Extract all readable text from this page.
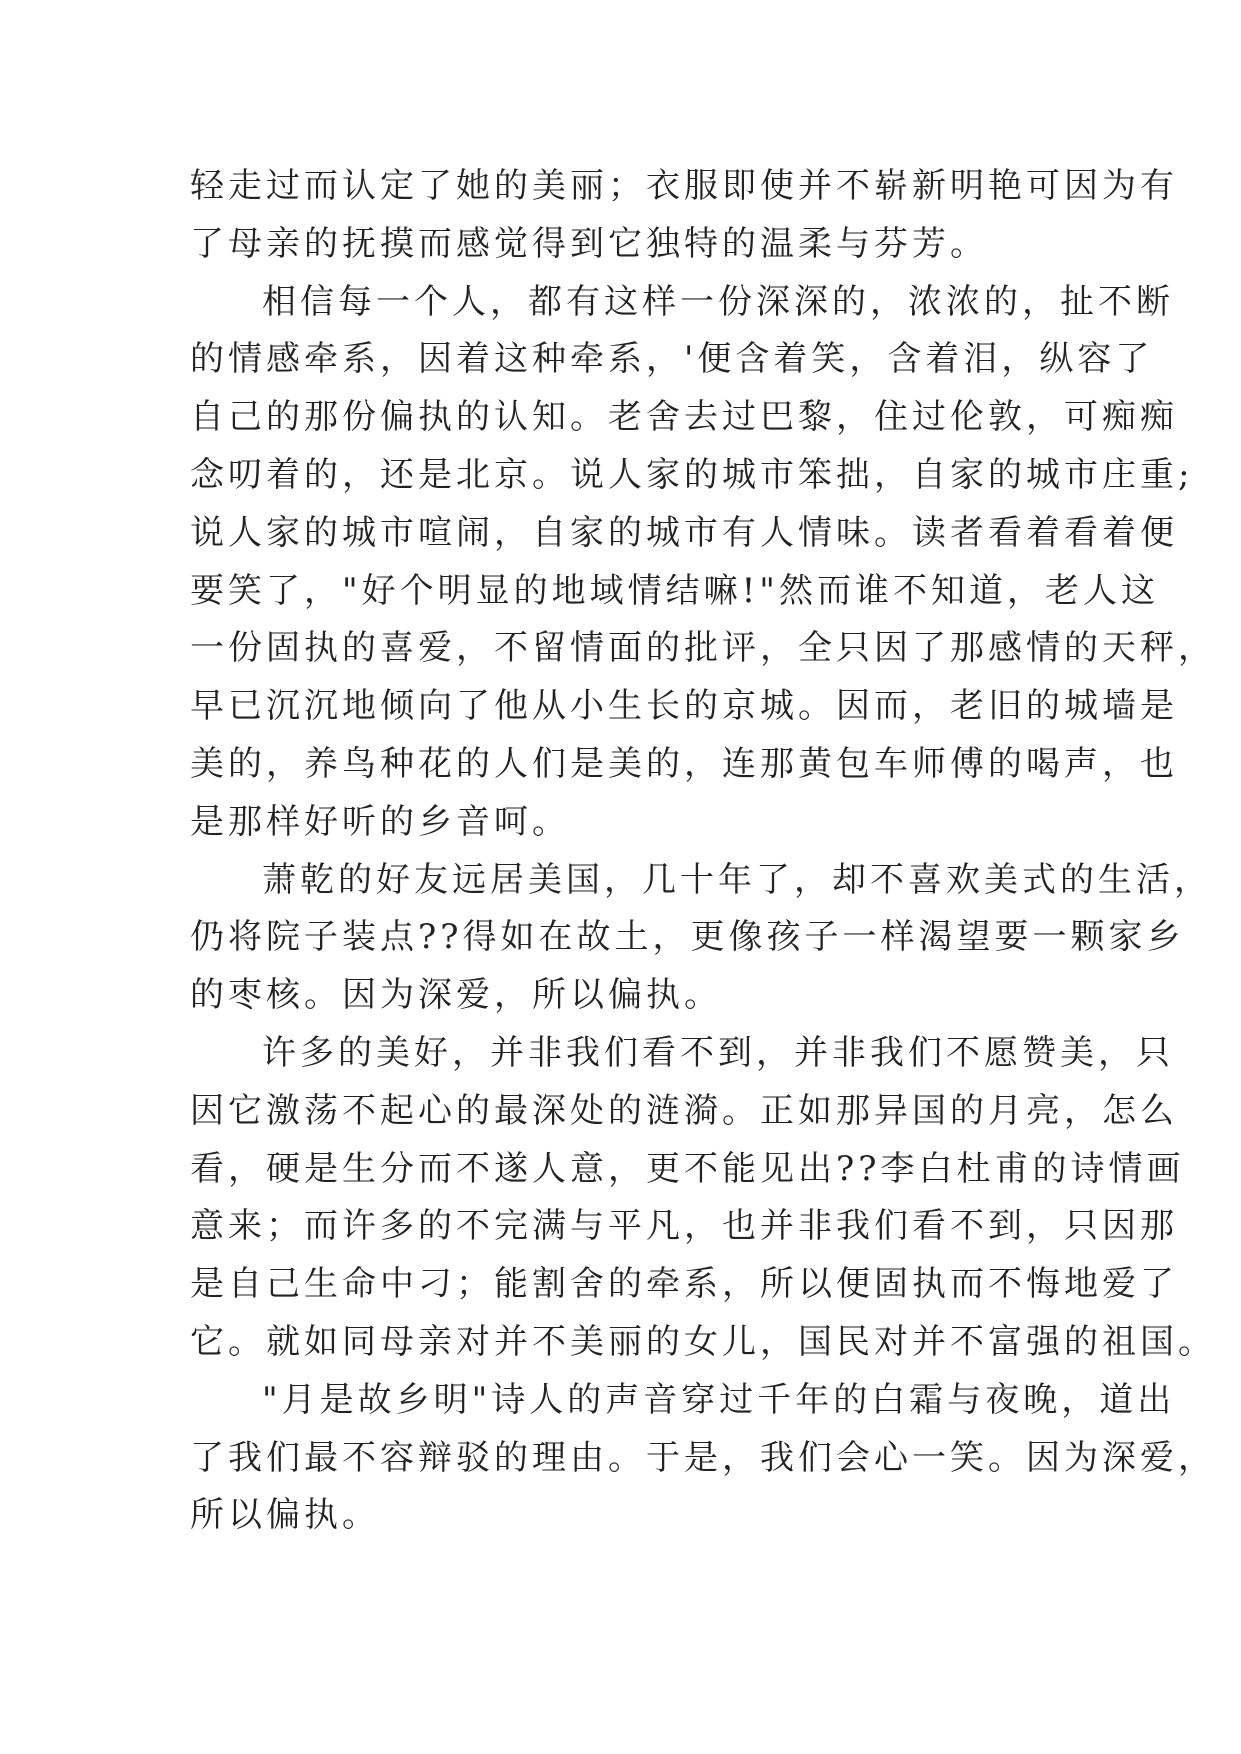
轻走过而认定了她的美丽；衣服即使并不崭新明艳可因为有
了母亲的抚摸而感觉得到它独特的温柔与芬芳。
相信每一个人，都有这样一份深深的，浓浓的，扯不断
的情感牵系，因着这种牵系，'便含着笑，含着泪，纵容了
自己的那份偏执的认知。老舍去过巴黎，住过伦敦，可痴痴
念叨着的，还是北京。说人家的城市笨拙，自家的城市庄重;
说人家的城市喧闹，自家的城市有人情味。读者看着看着便
要笑了，"好个明显的地域情结嘛!"然而谁不知道，老人这
一份固执的喜爱，不留情面的批评，全只因了那感情的天秤，
早已沉沉地倾向了他从小生长的京城。因而，老旧的城墙是
美的，养鸟种花的人们是美的，连那黄包车师傅的喝声，也
是那样好听的乡音呵。
萧乾的好友远居美国，几十年了，却不喜欢美式的生活，
仍将院子装点??得如在故土，更像孩子一样渴望要一颗家乡
的枣核。因为深爱，所以偏执。
许多的美好，并非我们看不到，并非我们不愿赞美，只
因它激荡不起心的最深处的涟漪。正如那异国的月亮，怎么
看，硬是生分而不遂人意，更不能见出??李白杜甫的诗情画
意来；而许多的不完满与平凡，也并非我们看不到，只因那
是自己生命中刁；能割舍的牵系，所以便固执而不悔地爱了
它。就如同母亲对并不美丽的女儿，国民对并不富强的祖国。
"月是故乡明"诗人的声音穿过千年的白霜与夜晚，道出
了我们最不容辩驳的理由。于是，我们会心一笑。因为深爱，
所以偏执。
